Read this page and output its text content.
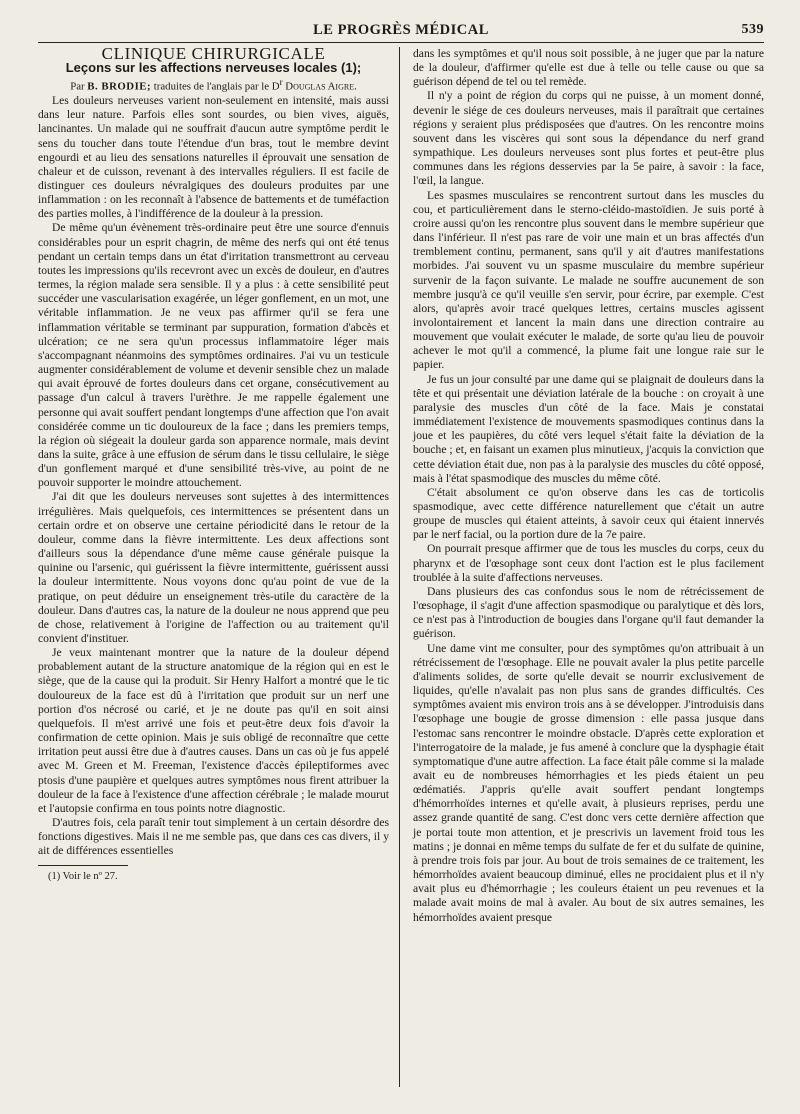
LE PROGRÈS MÉDICAL	539

CLINIQUE CHIRURGICALE

Leçons sur les affections nerveuses locales (1);

Par B. BRODIE; traduites de l'anglais par le $D^r$ Douglas Aigre.

Les douleurs nerveuses varient non-seulement en intensité, mais aussi dans leur nature. Parfois elles sont sourdes, ou bien vives, aiguës, lancinantes. Un malade qui ne souffrait d'aucun autre symptôme perdit le sens du toucher dans toute l'étendue d'un bras, tout le membre devint engourdi et au lieu des sensations naturelles il éprouvait une sensation de chaleur et de cuisson, revenant à des intervalles réguliers. Il est facile de distinguer ces douleurs névralgiques des douleurs produites par une inflammation : on les reconnaît à l'absence de battements et de tuméfaction des parties molles, à l'indifférence de la douleur à la pression.

De même qu'un évènement très-ordinaire peut être une source d'ennuis considérables pour un esprit chagrin, de même des nerfs qui ont été tenus pendant un certain temps dans un état d'irritation transmettront au cerveau toutes les impressions qu'ils recevront avec un excès de douleur, en d'autres termes, la région malade sera sensible. Il y a plus : à cette sensibilité peut succéder une vascularisation exagérée, un léger gonflement, en un mot, une véritable inflammation. Je ne veux pas affirmer qu'il se fera une inflammation véritable se terminant par suppuration, formation d'abcès et ulcération; ce ne sera qu'un processus inflammatoire léger mais s'accompagnant néanmoins des symptômes ordinaires. J'ai vu un testicule augmenter considérablement de volume et devenir sensible chez un malade qui avait éprouvé de fortes douleurs dans cet organe, consécutivement au passage d'un calcul à travers l'urèthre. Je me rappelle également une personne qui avait souffert pendant longtemps d'une affection que l'on avait considérée comme un tic douloureux de la face ; dans les premiers temps, la région où siégeait la douleur garda son apparence normale, mais devint dans la suite, grâce à une effusion de sérum dans le tissu cellulaire, le siège d'un gonflement marqué et d'une sensibilité très-vive, au point de ne pouvoir supporter le moindre attouchement.

J'ai dit que les douleurs nerveuses sont sujettes à des intermittences irrégulières. Mais quelquefois, ces intermittences se présentent dans un certain ordre et on observe une certaine périodicité dans le retour de la douleur, comme dans la fièvre intermittente. Les deux affections sont d'ailleurs sous la dépendance d'une même cause générale puisque la quinine ou l'arsenic, qui guérissent la fièvre intermittente, guérissent aussi la douleur intermittente. Nous voyons donc qu'au point de vue de la pratique, on peut déduire un enseignement très-utile du caractère de la douleur. Dans d'autres cas, la nature de la douleur ne nous apprend que peu de chose, relativement à l'origine de l'affection ou au traitement qu'il convient d'instituer.

Je veux maintenant montrer que la nature de la douleur dépend probablement autant de la structure anatomique de la région qui en est le siège, que de la cause qui la produit. Sir Henry Halfort a montré que le tic douloureux de la face est dû à l'irritation que produit sur un nerf une portion d'os nécrosé ou carié, et je ne doute pas qu'il en soit ainsi quelquefois. Il m'est arrivé une fois et peut-être deux fois d'avoir la confirmation de cette opinion. Mais je suis obligé de reconnaître que cette irritation peut aussi être due à d'autres causes. Dans un cas où je fus appelé avec M. Green et M. Freeman, l'existence d'accès épileptiformes avec ptosis d'une paupière et quelques autres symptômes nous firent attribuer la douleur de la face à l'existence d'une affection cérébrale ; le malade mourut et l'autopsie confirma en tous points notre diagnostic.

D'autres fois, cela paraît tenir tout simplement à un certain désordre des fonctions digestives. Mais il ne me semble pas, que dans ces cas divers, il y ait de différences essentielles

(1) Voir le nº 27.

dans les symptômes et qu'il nous soit possible, à ne juger que par la nature de la douleur, d'affirmer qu'elle est due à telle ou telle cause ou que sa guérison dépend de tel ou tel remède.

Il n'y a point de région du corps qui ne puisse, à un moment donné, devenir le siége de ces douleurs nerveuses, mais il paraîtrait que certaines régions y seraient plus prédisposées que d'autres. On les rencontre moins souvent dans les viscères qui sont sous la dépendance du nerf grand sympathique. Les douleurs nerveuses sont plus fortes et peut-être plus communes dans les régions desservies par la 5e paire, à savoir : la face, l'œil, la langue.

Les spasmes musculaires se rencontrent surtout dans les muscles du cou, et particulièrement dans le sterno-cléido-mastoïdien. Je suis porté à croire aussi qu'on les rencontre plus souvent dans le membre supérieur que dans l'inférieur. Il n'est pas rare de voir une main et un bras affectés d'un tremblement continu, permanent, sans qu'il y ait d'autres manifestations morbides. J'ai souvent vu un spasme musculaire du membre supérieur survenir de la façon suivante. Le malade ne souffre aucunement de son membre jusqu'à ce qu'il veuille s'en servir, pour écrire, par exemple. C'est alors, qu'après avoir tracé quelques lettres, certains muscles agissent involontairement et lancent la main dans une direction contraire au mouvement que voulait exécuter le malade, de sorte qu'au lieu de pouvoir achever le mot qu'il a commencé, la plume fait une longue raie sur le papier.

Je fus un jour consulté par une dame qui se plaignait de douleurs dans la tête et qui présentait une déviation latérale de la bouche : on croyait à une paralysie des muscles d'un côté de la face. Mais je constatai immédiatement l'existence de mouvements spasmodiques continus dans la joue et les paupières, du côté vers lequel s'était faite la déviation de la bouche ; et, en faisant un examen plus minutieux, j'acquis la conviction que cette déviation était due, non pas à la paralysie des muscles du côté opposé, mais à l'état spasmodique des muscles du même côté.

C'était absolument ce qu'on observe dans les cas de torticolis spasmodique, avec cette différence naturellement que c'était un autre groupe de muscles qui étaient atteints, à savoir ceux qui étaient innervés par le nerf facial, ou la portion dure de la 7e paire.

On pourrait presque affirmer que de tous les muscles du corps, ceux du pharynx et de l'œsophage sont ceux dont l'action est le plus facilement troublée à la suite d'affections nerveuses.

Dans plusieurs des cas confondus sous le nom de rétrécissement de l'œsophage, il s'agit d'une affection spasmodique ou paralytique et dès lors, ce n'est pas à l'introduction de bougies dans l'organe qu'il faut demander la guérison.

Une dame vint me consulter, pour des symptômes qu'on attribuait à un rétrécissement de l'œsophage. Elle ne pouvait avaler la plus petite parcelle d'aliments solides, de sorte qu'elle devait se nourrir exclusivement de liquides, qu'elle n'avalait pas non plus sans de grandes difficultés. Ces symptômes avaient mis environ trois ans à se développer. J'introduisis dans l'œsophage une bougie de grosse dimension : elle passa jusque dans l'estomac sans rencontrer le moindre obstacle. D'après cette exploration et l'interrogatoire de la malade, je fus amené à conclure que la dysphagie était symptomatique d'une autre affection. La face était pâle comme si la malade avait eu de nombreuses hémorrhagies et les pieds étaient un peu œdématiés. J'appris qu'elle avait souffert pendant longtemps d'hémorrhoïdes internes et qu'elle avait, à plusieurs reprises, perdu une assez grande quantité de sang. C'est donc vers cette dernière affection que je portai toute mon attention, et je prescrivis un lavement froid tous les matins ; je donnai en même temps du sulfate de fer et du sulfate de quinine, à prendre trois fois par jour. Au bout de trois semaines de ce traitement, les hémorrhoïdes avaient beaucoup diminué, elles ne procidaient plus et il n'y avait plus eu d'hémorrhagie ; les couleurs étaient un peu revenues et la malade avait moins de mal à avaler. Au bout de six autres semaines, les hémorrhoïdes avaient presque
